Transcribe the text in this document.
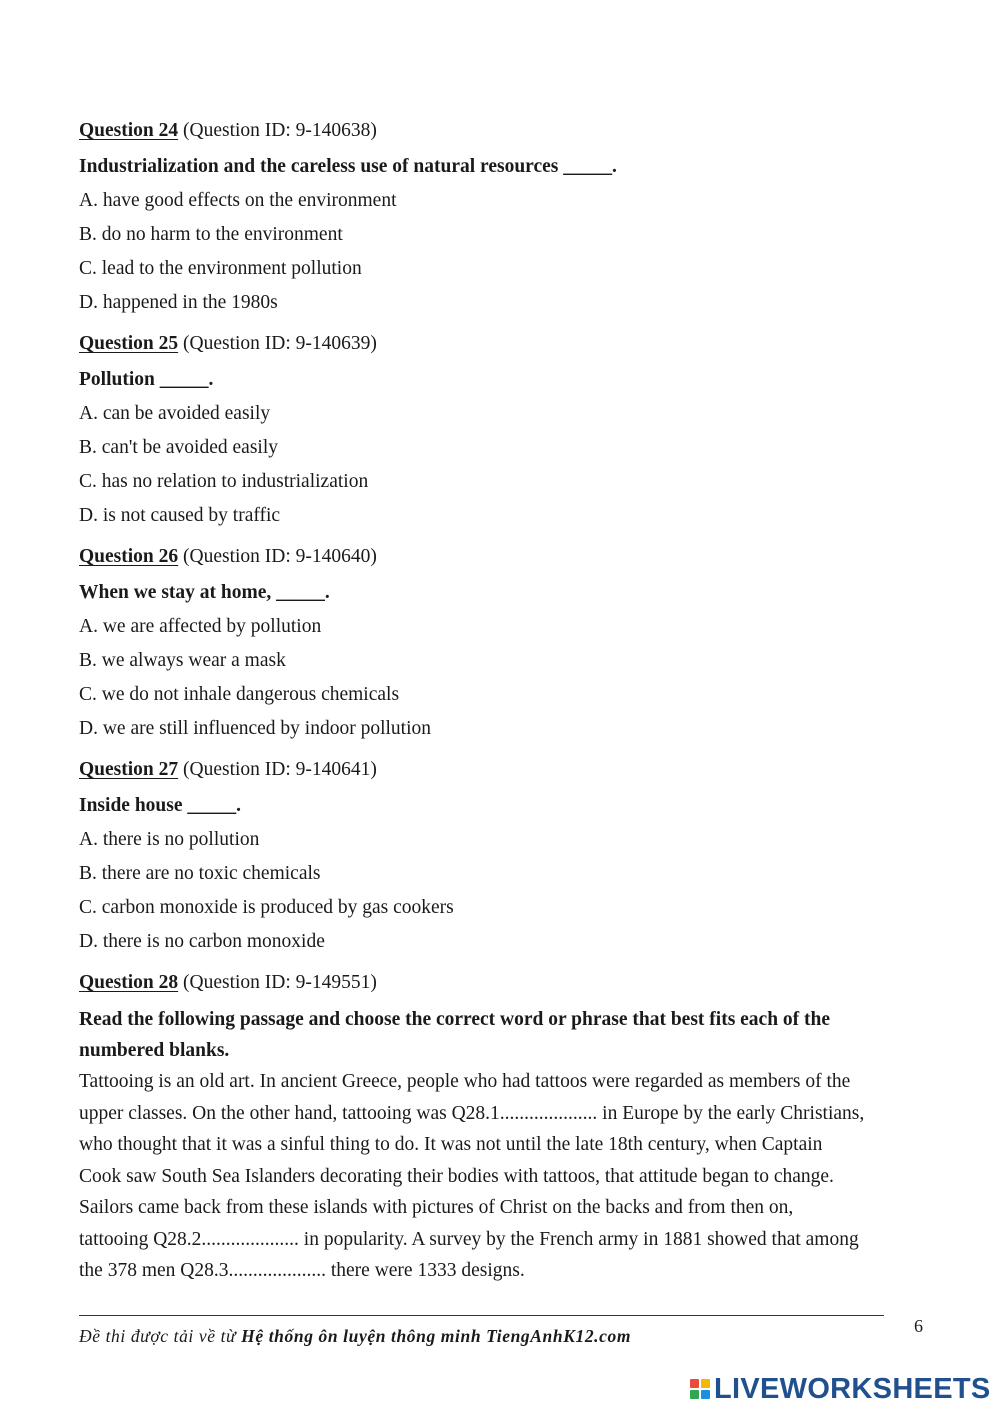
Question 24 (Question ID: 9-140638)

Industrialization and the careless use of natural resources _____.

A. have good effects on the environment

B. do no harm to the environment

C. lead to the environment pollution

D. happened in the 1980s

Question 25 (Question ID: 9-140639)

Pollution _____.

A. can be avoided easily

B. can't be avoided easily

C. has no relation to industrialization

D. is not caused by traffic

Question 26 (Question ID: 9-140640)

When we stay at home, _____.

A. we are affected by pollution

B. we always wear a mask

C. we do not inhale dangerous chemicals

D. we are still influenced by indoor pollution

Question 27 (Question ID: 9-140641)

Inside house _____.

A. there is no pollution

B. there are no toxic chemicals

C. carbon monoxide is produced by gas cookers

D. there is no carbon monoxide

Question 28 (Question ID: 9-149551)

Read the following passage and choose the correct word or phrase that best fits each of the

numbered blanks.

Tattooing is an old art. In ancient Greece, people who had tattoos were regarded as members of the

upper classes. On the other hand, tattooing was Q28.1.................... in Europe by the early Christians,

who thought that it was a sinful thing to do. It was not until the late 18th century, when Captain

Cook saw South Sea Islanders decorating their bodies with tattoos, that attitude began to change.

Sailors came back from these islands with pictures of Christ on the backs and from then on,

tattooing Q28.2.................... in popularity. A survey by the French army in 1881 showed that among

the 378 men Q28.3.................... there were 1333 designs.

Đề thi được tải về từ Hệ thống ôn luyện thông minh TiengAnhK12.com	6
LIVEWORKSHEETS
